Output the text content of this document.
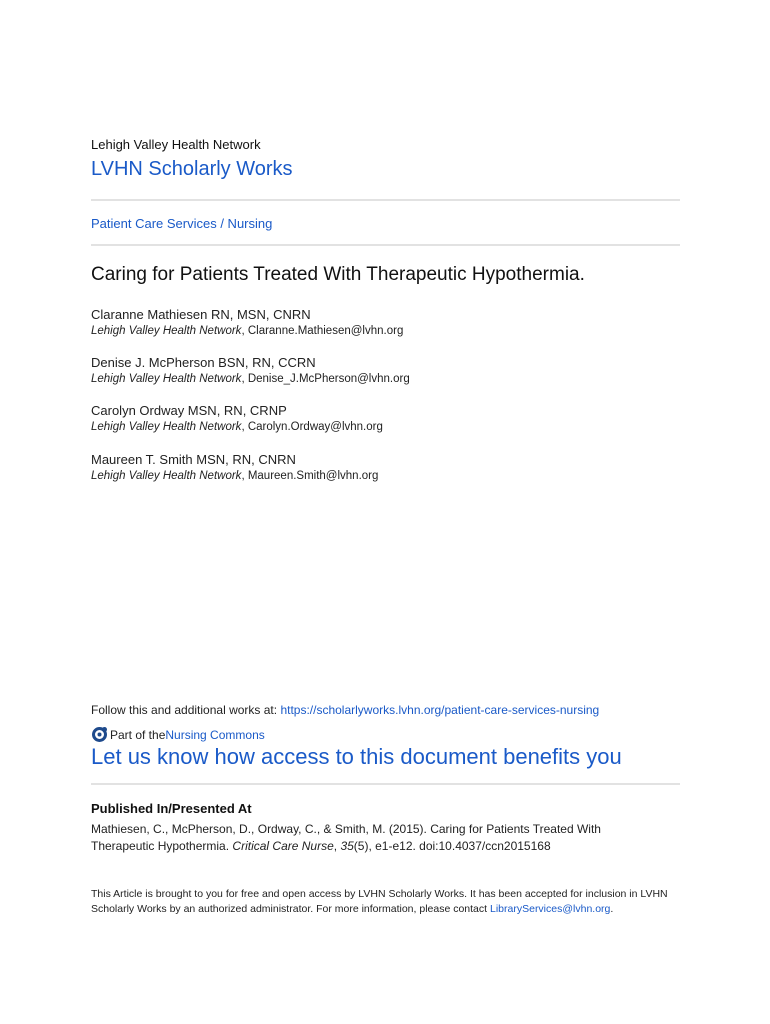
Lehigh Valley Health Network
LVHN Scholarly Works
Patient Care Services / Nursing
Caring for Patients Treated With Therapeutic Hypothermia.
Claranne Mathiesen RN, MSN, CNRN
Lehigh Valley Health Network, Claranne.Mathiesen@lvhn.org
Denise J. McPherson BSN, RN, CCRN
Lehigh Valley Health Network, Denise_J.McPherson@lvhn.org
Carolyn Ordway MSN, RN, CRNP
Lehigh Valley Health Network, Carolyn.Ordway@lvhn.org
Maureen T. Smith MSN, RN, CNRN
Lehigh Valley Health Network, Maureen.Smith@lvhn.org
Follow this and additional works at: https://scholarlyworks.lvhn.org/patient-care-services-nursing
Part of the Nursing Commons
Let us know how access to this document benefits you
Published In/Presented At
Mathiesen, C., McPherson, D., Ordway, C., & Smith, M. (2015). Caring for Patients Treated With Therapeutic Hypothermia. Critical Care Nurse, 35(5), e1-e12. doi:10.4037/ccn2015168
This Article is brought to you for free and open access by LVHN Scholarly Works. It has been accepted for inclusion in LVHN Scholarly Works by an authorized administrator. For more information, please contact LibraryServices@lvhn.org.
